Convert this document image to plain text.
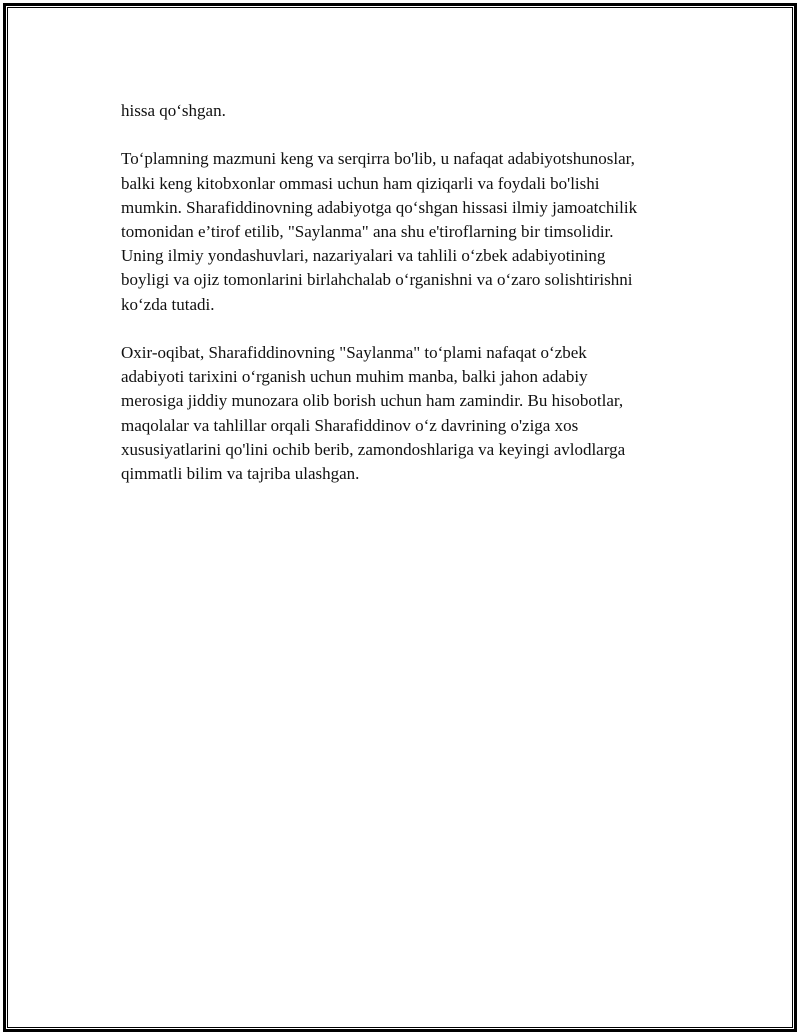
hissa qo‘shgan.

To‘plamning mazmuni keng va serqirra bo'lib, u nafaqat adabiyotshunoslar,
balki keng kitobxonlar ommasi uchun ham qiziqarli va foydali bo'lishi
mumkin. Sharafiddinovning adabiyotga qo‘shgan hissasi ilmiy jamoatchilik
tomonidan e’tirof etilib, "Saylanma" ana shu e'tiroflarning bir timsolidir.
Uning ilmiy yondashuvlari, nazariyalari va tahlili o‘zbek adabiyotining
boyligi va ojiz tomonlarini birlahchalab o‘rganishni va o‘zaro solishtirishni
ko‘zda tutadi.

Oxir-oqibat, Sharafiddinovning "Saylanma" to‘plami nafaqat o‘zbek
adabiyoti tarixini o‘rganish uchun muhim manba, balki jahon adabiy
merosiga jiddiy munozara olib borish uchun ham zamindir. Bu hisobotlar,
maqolalar va tahlillar orqali Sharafiddinov o‘z davrining o'ziga xos
xususiyatlarini qo'lini ochib berib, zamondoshlariga va keyingi avlodlarga
qimmatli bilim va tajriba ulashgan.
